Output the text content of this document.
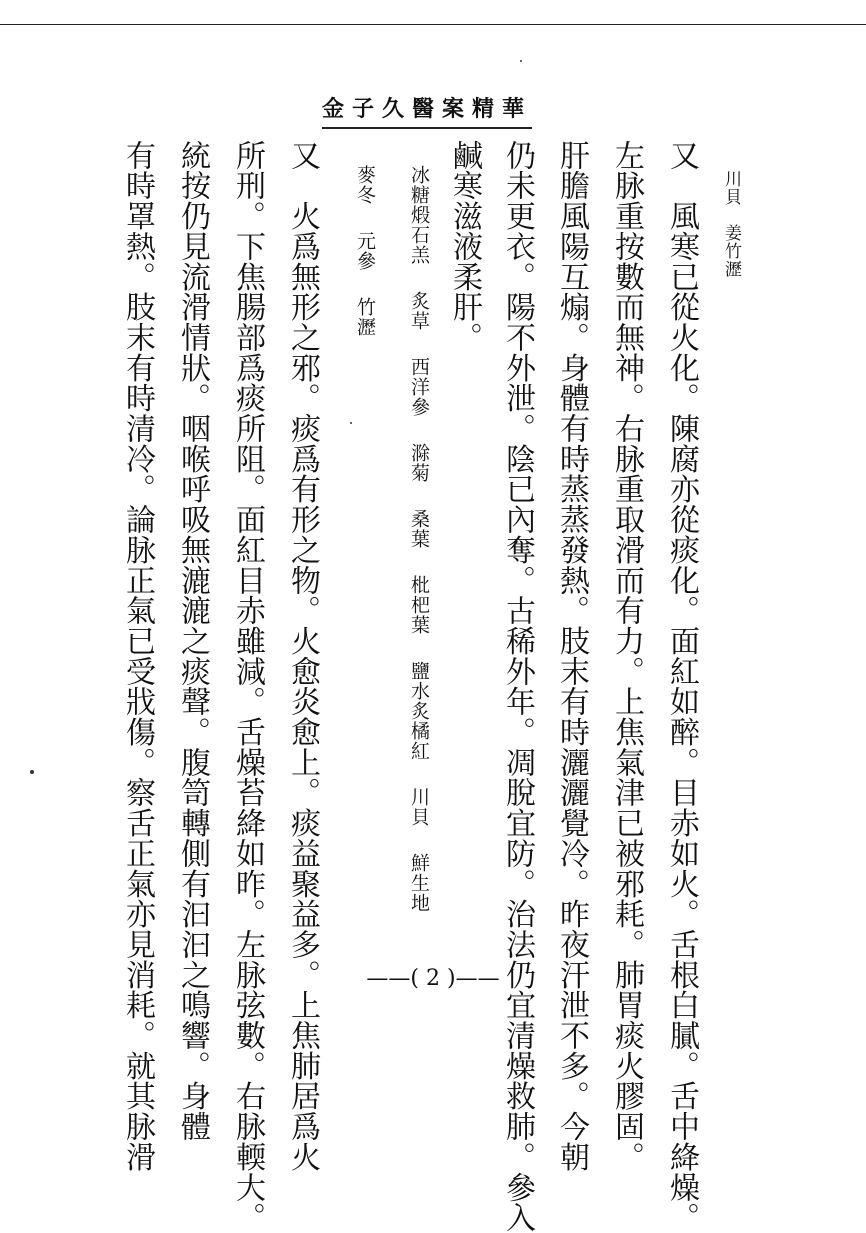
金子久醫案精華
川貝　姜竹瀝
又　風寒已從火化。陳腐亦從痰化。面紅如醉。目赤如火。舌根白膩。舌中絳燥。
左脉重按數而無神。右脉重取滑而有力。上焦氣津已被邪耗。肺胃痰火膠固。
肝膽風陽互煽。身體有時蒸蒸發熱。肢末有時灑灑覺冷。昨夜汗泄不多。今朝
仍未更衣。陽不外泄。陰已內奪。古稀外年。凋脫宜防。治法仍宜清燥救肺。參入
鹹寒滋液柔肝。
又　火爲無形之邪。痰爲有形之物。火愈炎愈上。痰益聚益多。上焦肺居爲火
所刑。下焦腸部爲痰所阻。面紅目赤雖減。舌燥苔絳如昨。左脉弦數。右脉輭大。
統按仍見流滑情狀。咽喉呼吸無漉漉之痰聲。腹笥轉側有汩汩之鳴響。身體
有時罩熱。肢末有時清冷。論脉正氣已受戕傷。察舌正氣亦見消耗。就其脉滑	冰糖煅石羔
炙草
西洋參
滁菊
桑葉
枇杷葉
鹽水炙橘紅
川貝
鮮生地
麥冬
元參
竹瀝
——( 2 )——
